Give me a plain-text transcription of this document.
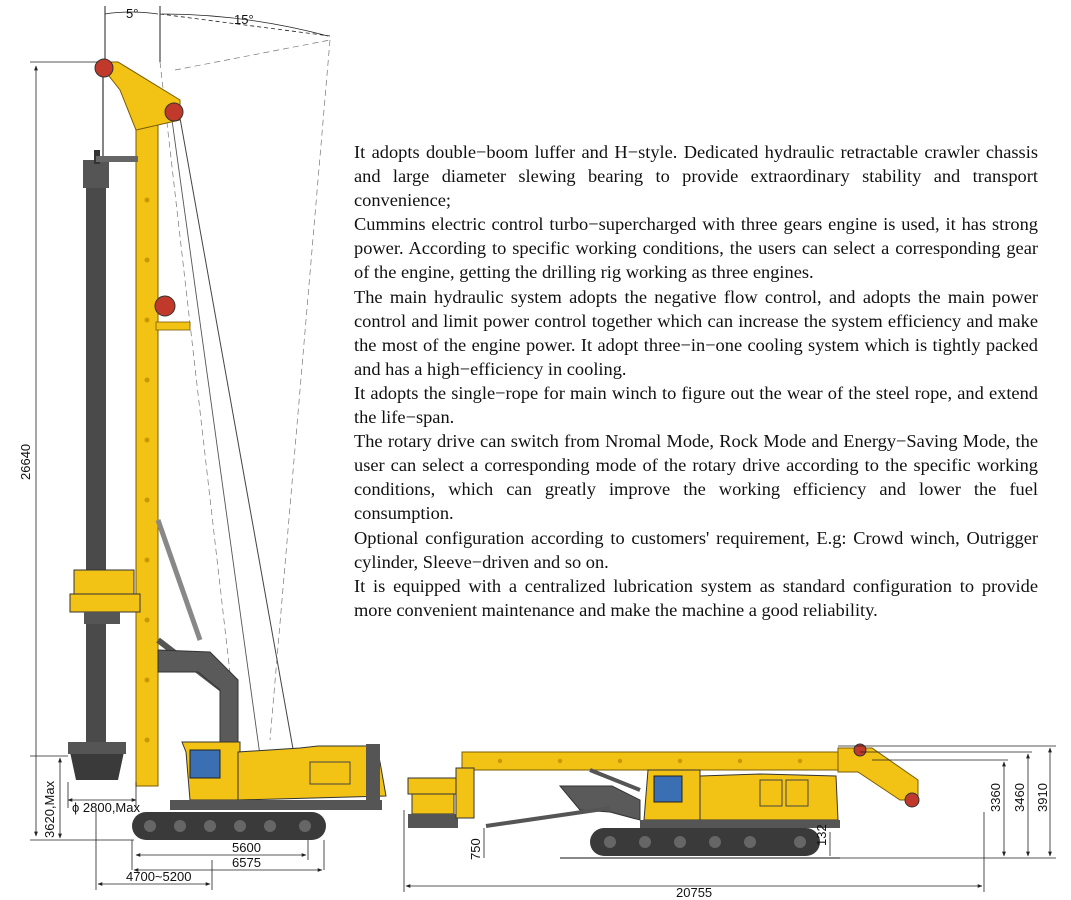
5°	15°
26640
3620,Max ϕ 2800,Max
5600
6575
4700~5200
3360 3460 3910
132
750
20755

It adopts double−boom luffer and H−style. Dedicated hydraulic retractable crawler chassis and large diameter slewing bearing to provide extraordinary stability and transport convenience;

Cummins electric control turbo−supercharged with three gears engine is used, it has strong power. According to specific working conditions, the users can select a corresponding gear of the engine, getting the drilling rig working as three engines.

The main hydraulic system adopts the negative flow control, and adopts the main power control and limit power control together which can increase the system efficiency and make the most of the engine power. It adopt three−in−one cooling system which is tightly packed and has a high−efficiency in cooling.

It adopts the single−rope for main winch to figure out the wear of the steel rope, and extend the life−span.

The rotary drive can switch from Nromal Mode, Rock Mode and Energy−Saving Mode, the user can select a corresponding mode of the rotary drive according to the specific working conditions, which can greatly improve the working efficiency and lower the fuel consumption.

Optional configuration according to customers' requirement, E.g: Crowd winch, Outrigger cylinder, Sleeve−driven and so on.

It is equipped with a centralized lubrication system as standard configuration to provide more convenient maintenance and make the machine a good reliability.
